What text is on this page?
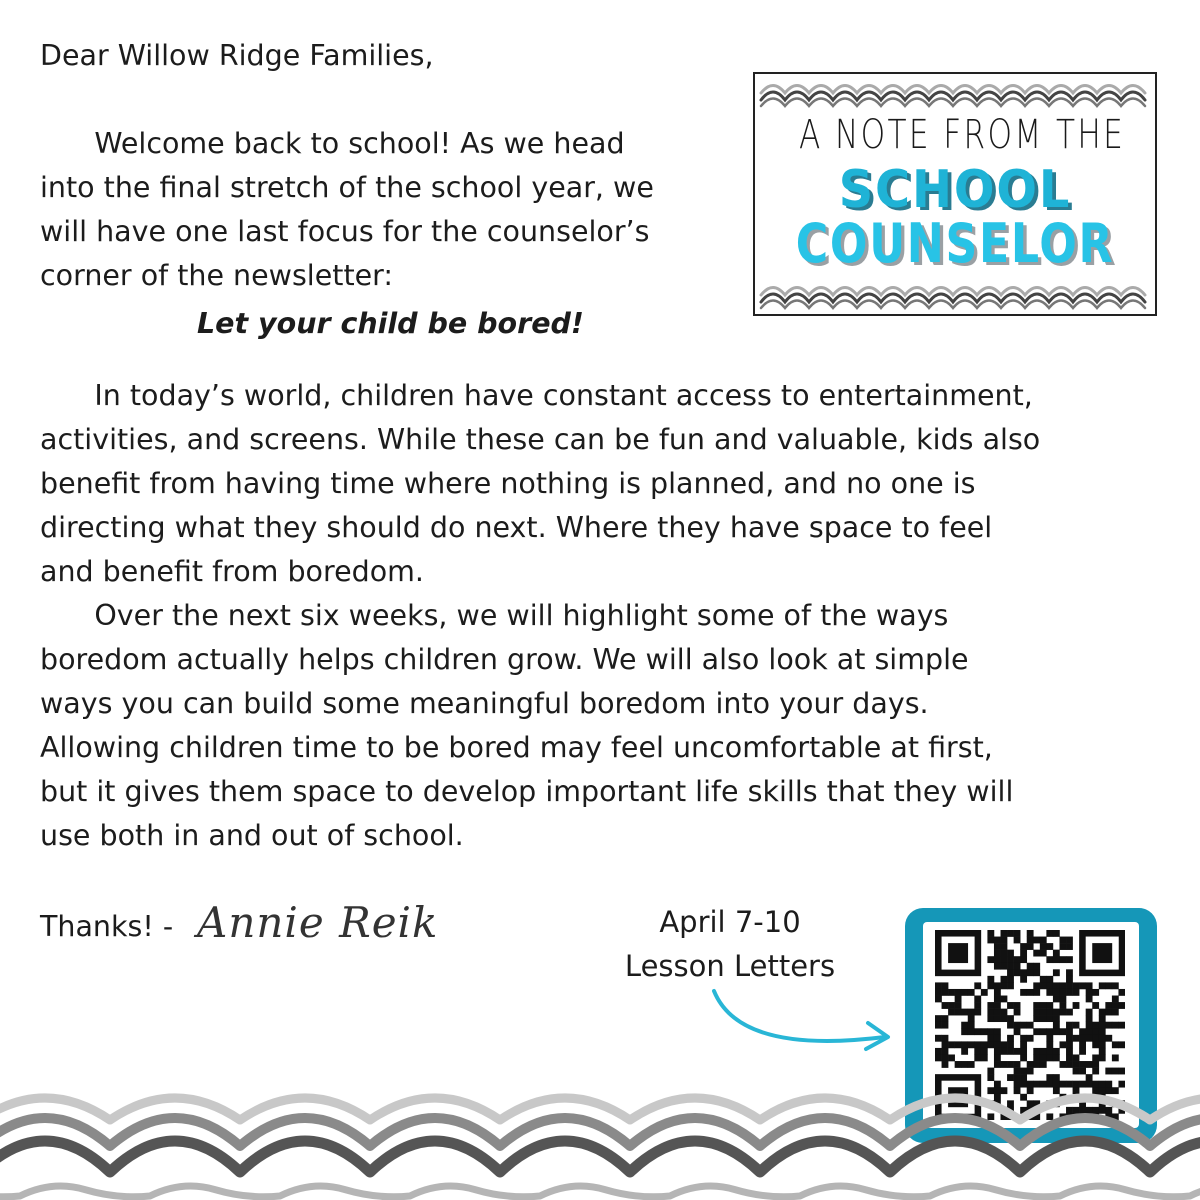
Dear Willow Ridge Families,

Welcome back to school! As we head
into the final stretch of the school year, we
will have one last focus for the counselor’s
corner of the newsletter:

Let your child be bored!

In today’s world, children have constant access to entertainment,
activities, and screens. While these can be fun and valuable, kids also
benefit from having time where nothing is planned, and no one is
directing what they should do next. Where they have space to feel
and benefit from boredom.
Over the next six weeks, we will highlight some of the ways
boredom actually helps children grow. We will also look at simple
ways you can build some meaningful boredom into your days.
Allowing children time to be bored may feel uncomfortable at first,
but it gives them space to develop important life skills that they will
use both in and out of school.
Thanks! - Annie Reik
A NOTE FROM THE
SCHOOL
COUNSELOR
April 7-10
Lesson Letters
